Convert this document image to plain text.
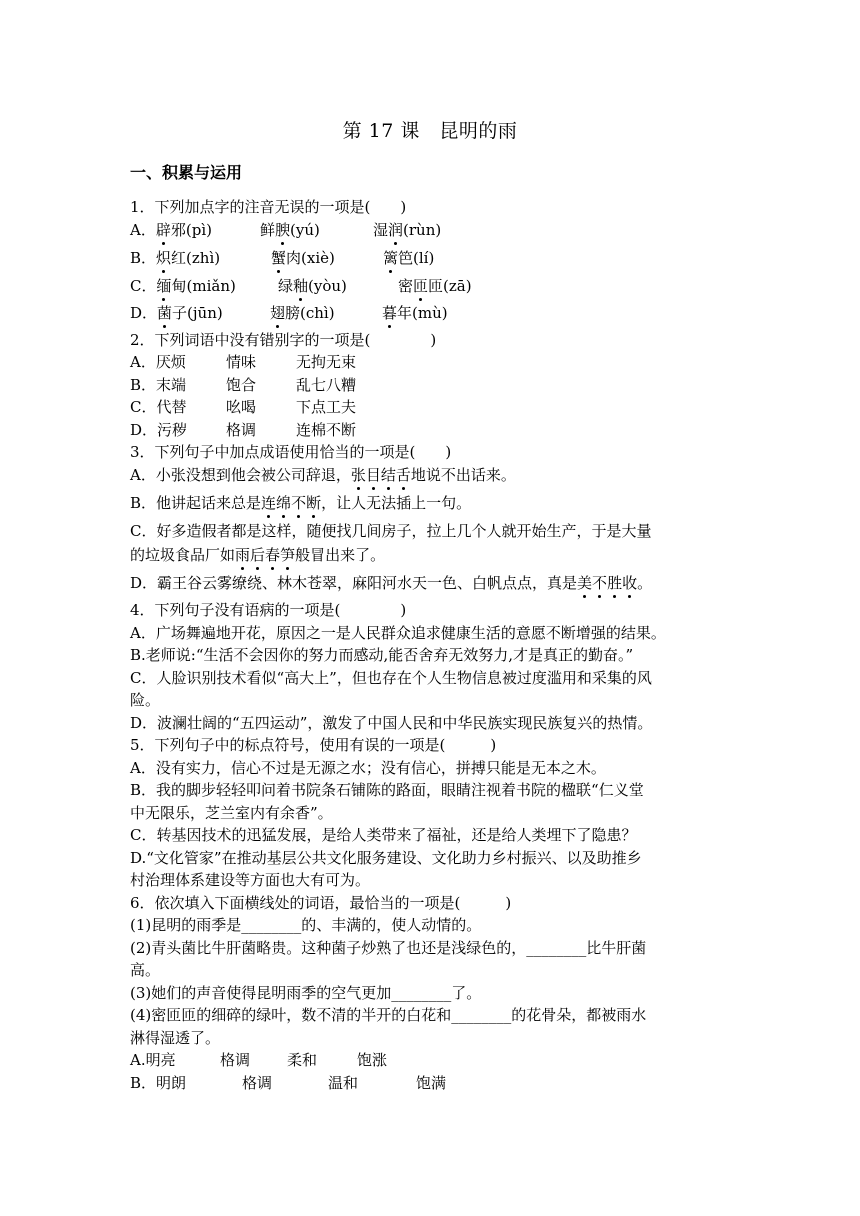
第 17 课　昆明的雨
一、积累与运用
1．下列加点字的注音无误的一项是(　　)
A．辟邪(pì)	鲜腴(yú)	湿润(rùn)
B．炽红(zhì)	蟹肉(xiè)	篱笆(lí)
C．缅甸(miǎn)	绿釉(yòu)	密匝匝(zā)
D．菌子(jūn)	翅膀(chì)	暮年(mù)
2．下列词语中没有错别字的一项是(　　　　)
A．厌烦	情味	无拘无束
B．末端	饱合	乱七八糟
C．代替	吆喝	下点工夫
D．污秽	格调	连棉不断
3．下列句子中加点成语使用恰当的一项是(　　)
A．小张没想到他会被公司辞退，张目结舌地说不出话来。
B．他讲起话来总是连绵不断，让人无法插上一句。
C．好多造假者都是这样，随便找几间房子，拉上几个人就开始生产，于是大量
的垃圾食品厂如雨后春笋般冒出来了。
D．霸王谷云雾缭绕、林木苍翠，麻阳河水天一色、白帆点点，真是美不胜收。
4．下列句子没有语病的一项是(　　　　)
A．广场舞遍地开花，原因之一是人民群众追求健康生活的意愿不断增强的结果。
B.老师说:“生活不会因你的努力而感动,能否舍弃无效努力,才是真正的勤奋。”
C．人脸识别技术看似“高大上”，但也存在个人生物信息被过度滥用和采集的风
险。
D．波澜壮阔的“五四运动”，激发了中国人民和中华民族实现民族复兴的热情。
5．下列句子中的标点符号，使用有误的一项是(　　　)
A．没有实力，信心不过是无源之水；没有信心，拼搏只能是无本之木。
B．我的脚步轻轻叩问着书院条石铺陈的路面，眼睛注视着书院的楹联“仁义堂
中无限乐，芝兰室内有余香”。
C．转基因技术的迅猛发展，是给人类带来了福祉，还是给人类埋下了隐患？
D.“文化管家”在推动基层公共文化服务建设、文化助力乡村振兴、以及助推乡
村治理体系建设等方面也大有可为。
6．依次填入下面横线处的词语，最恰当的一项是(　　　)
(1)昆明的雨季是________的、丰满的，使人动情的。
(2)青头菌比牛肝菌略贵。这种菌子炒熟了也还是浅绿色的，________比牛肝菌
高。
(3)她们的声音使得昆明雨季的空气更加________了。
(4)密匝匝的细碎的绿叶，数不清的半开的白花和________的花骨朵，都被雨水
淋得湿透了。
A.明亮	格调 柔和	饱涨
B．明朗	格调	温和	饱满
